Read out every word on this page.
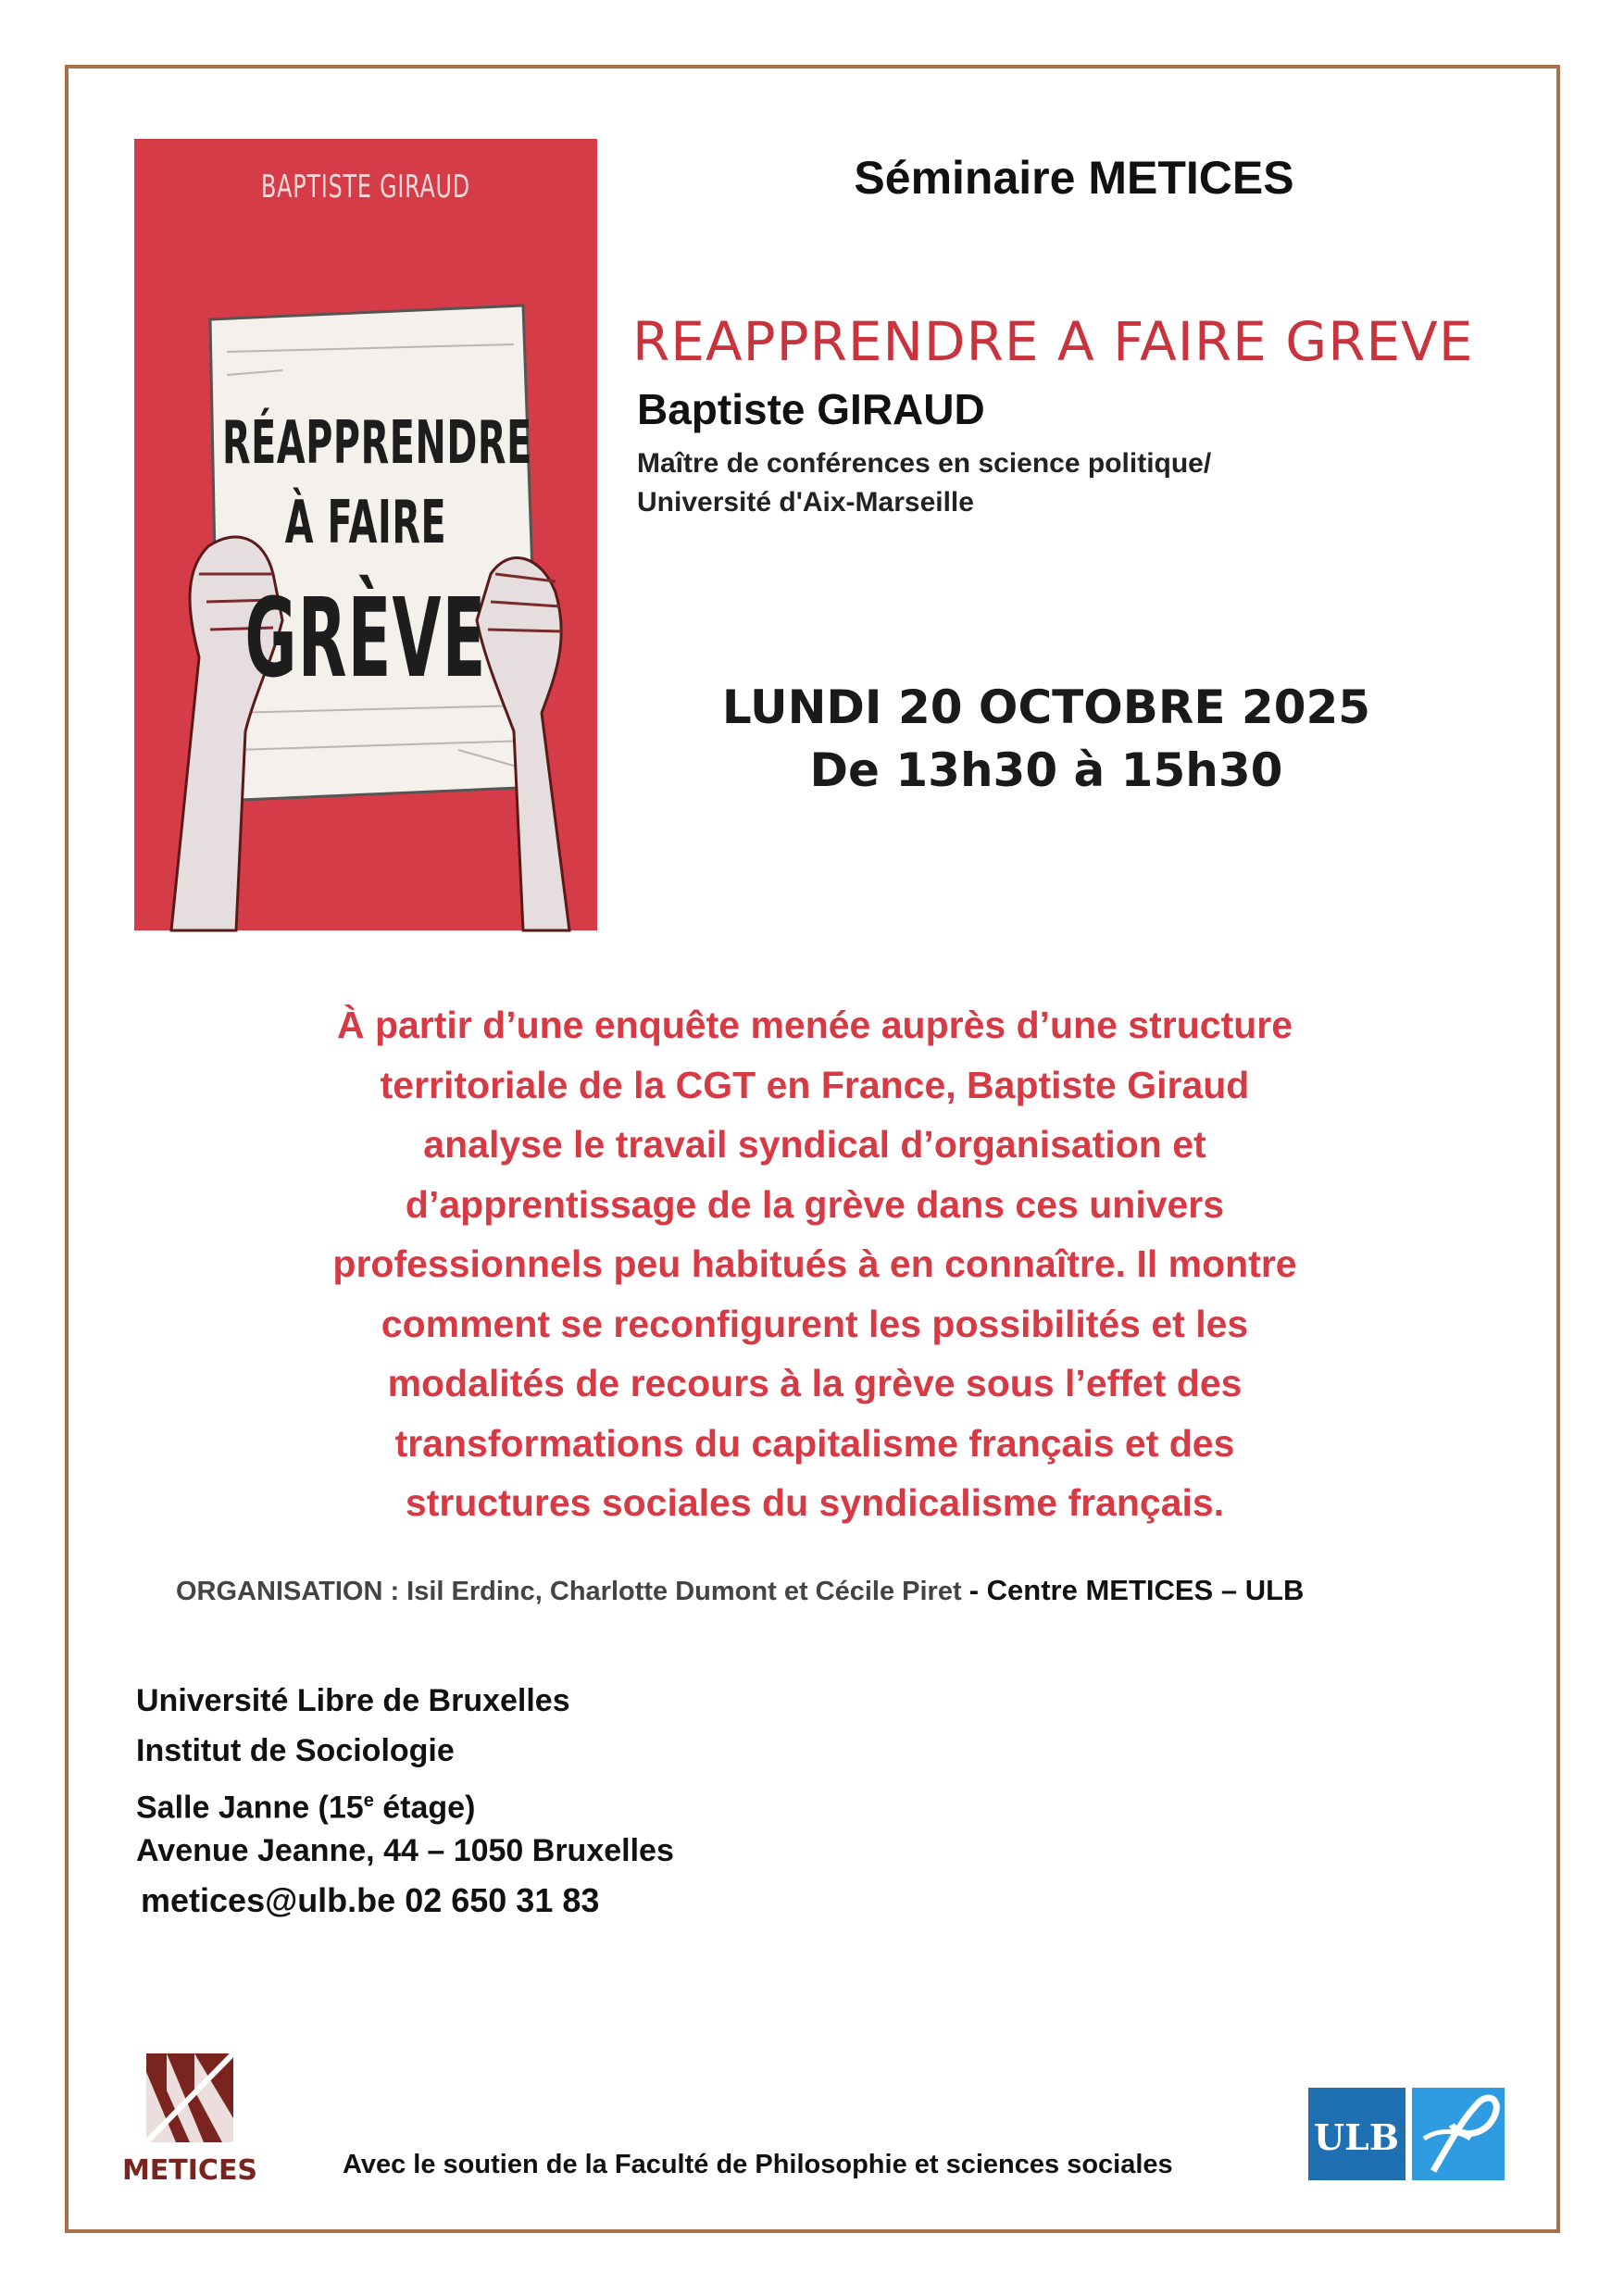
BAPTISTE GIRAUD
RÉAPPRENDRE
À FAIRE
GRÈVE
Séminaire METICES
REAPPRENDRE A FAIRE GREVE
Baptiste GIRAUD
Maître de conférences en science politique/
Université d'Aix-Marseille
LUNDI 20 OCTOBRE 2025
De 13h30 à 15h30
À partir d’une enquête menée auprès d’une structure
territoriale de la CGT en France, Baptiste Giraud
analyse le travail syndical d’organisation et
d’apprentissage de la grève dans ces univers
professionnels peu habitués à en connaître. Il montre
comment se reconfigurent les possibilités et les
modalités de recours à la grève sous l’effet des
transformations du capitalisme français et des
structures sociales du syndicalisme français.
ORGANISATION : Isil Erdinc, Charlotte Dumont et Cécile Piret - Centre METICES – ULB
Université Libre de Bruxelles
Institut de Sociologie
Salle Janne (15e étage)
Avenue Jeanne, 44 – 1050 Bruxelles
metices@ulb.be 02 650 31 83
METICES
ULB
Avec le soutien de la Faculté de Philosophie et sciences sociales
